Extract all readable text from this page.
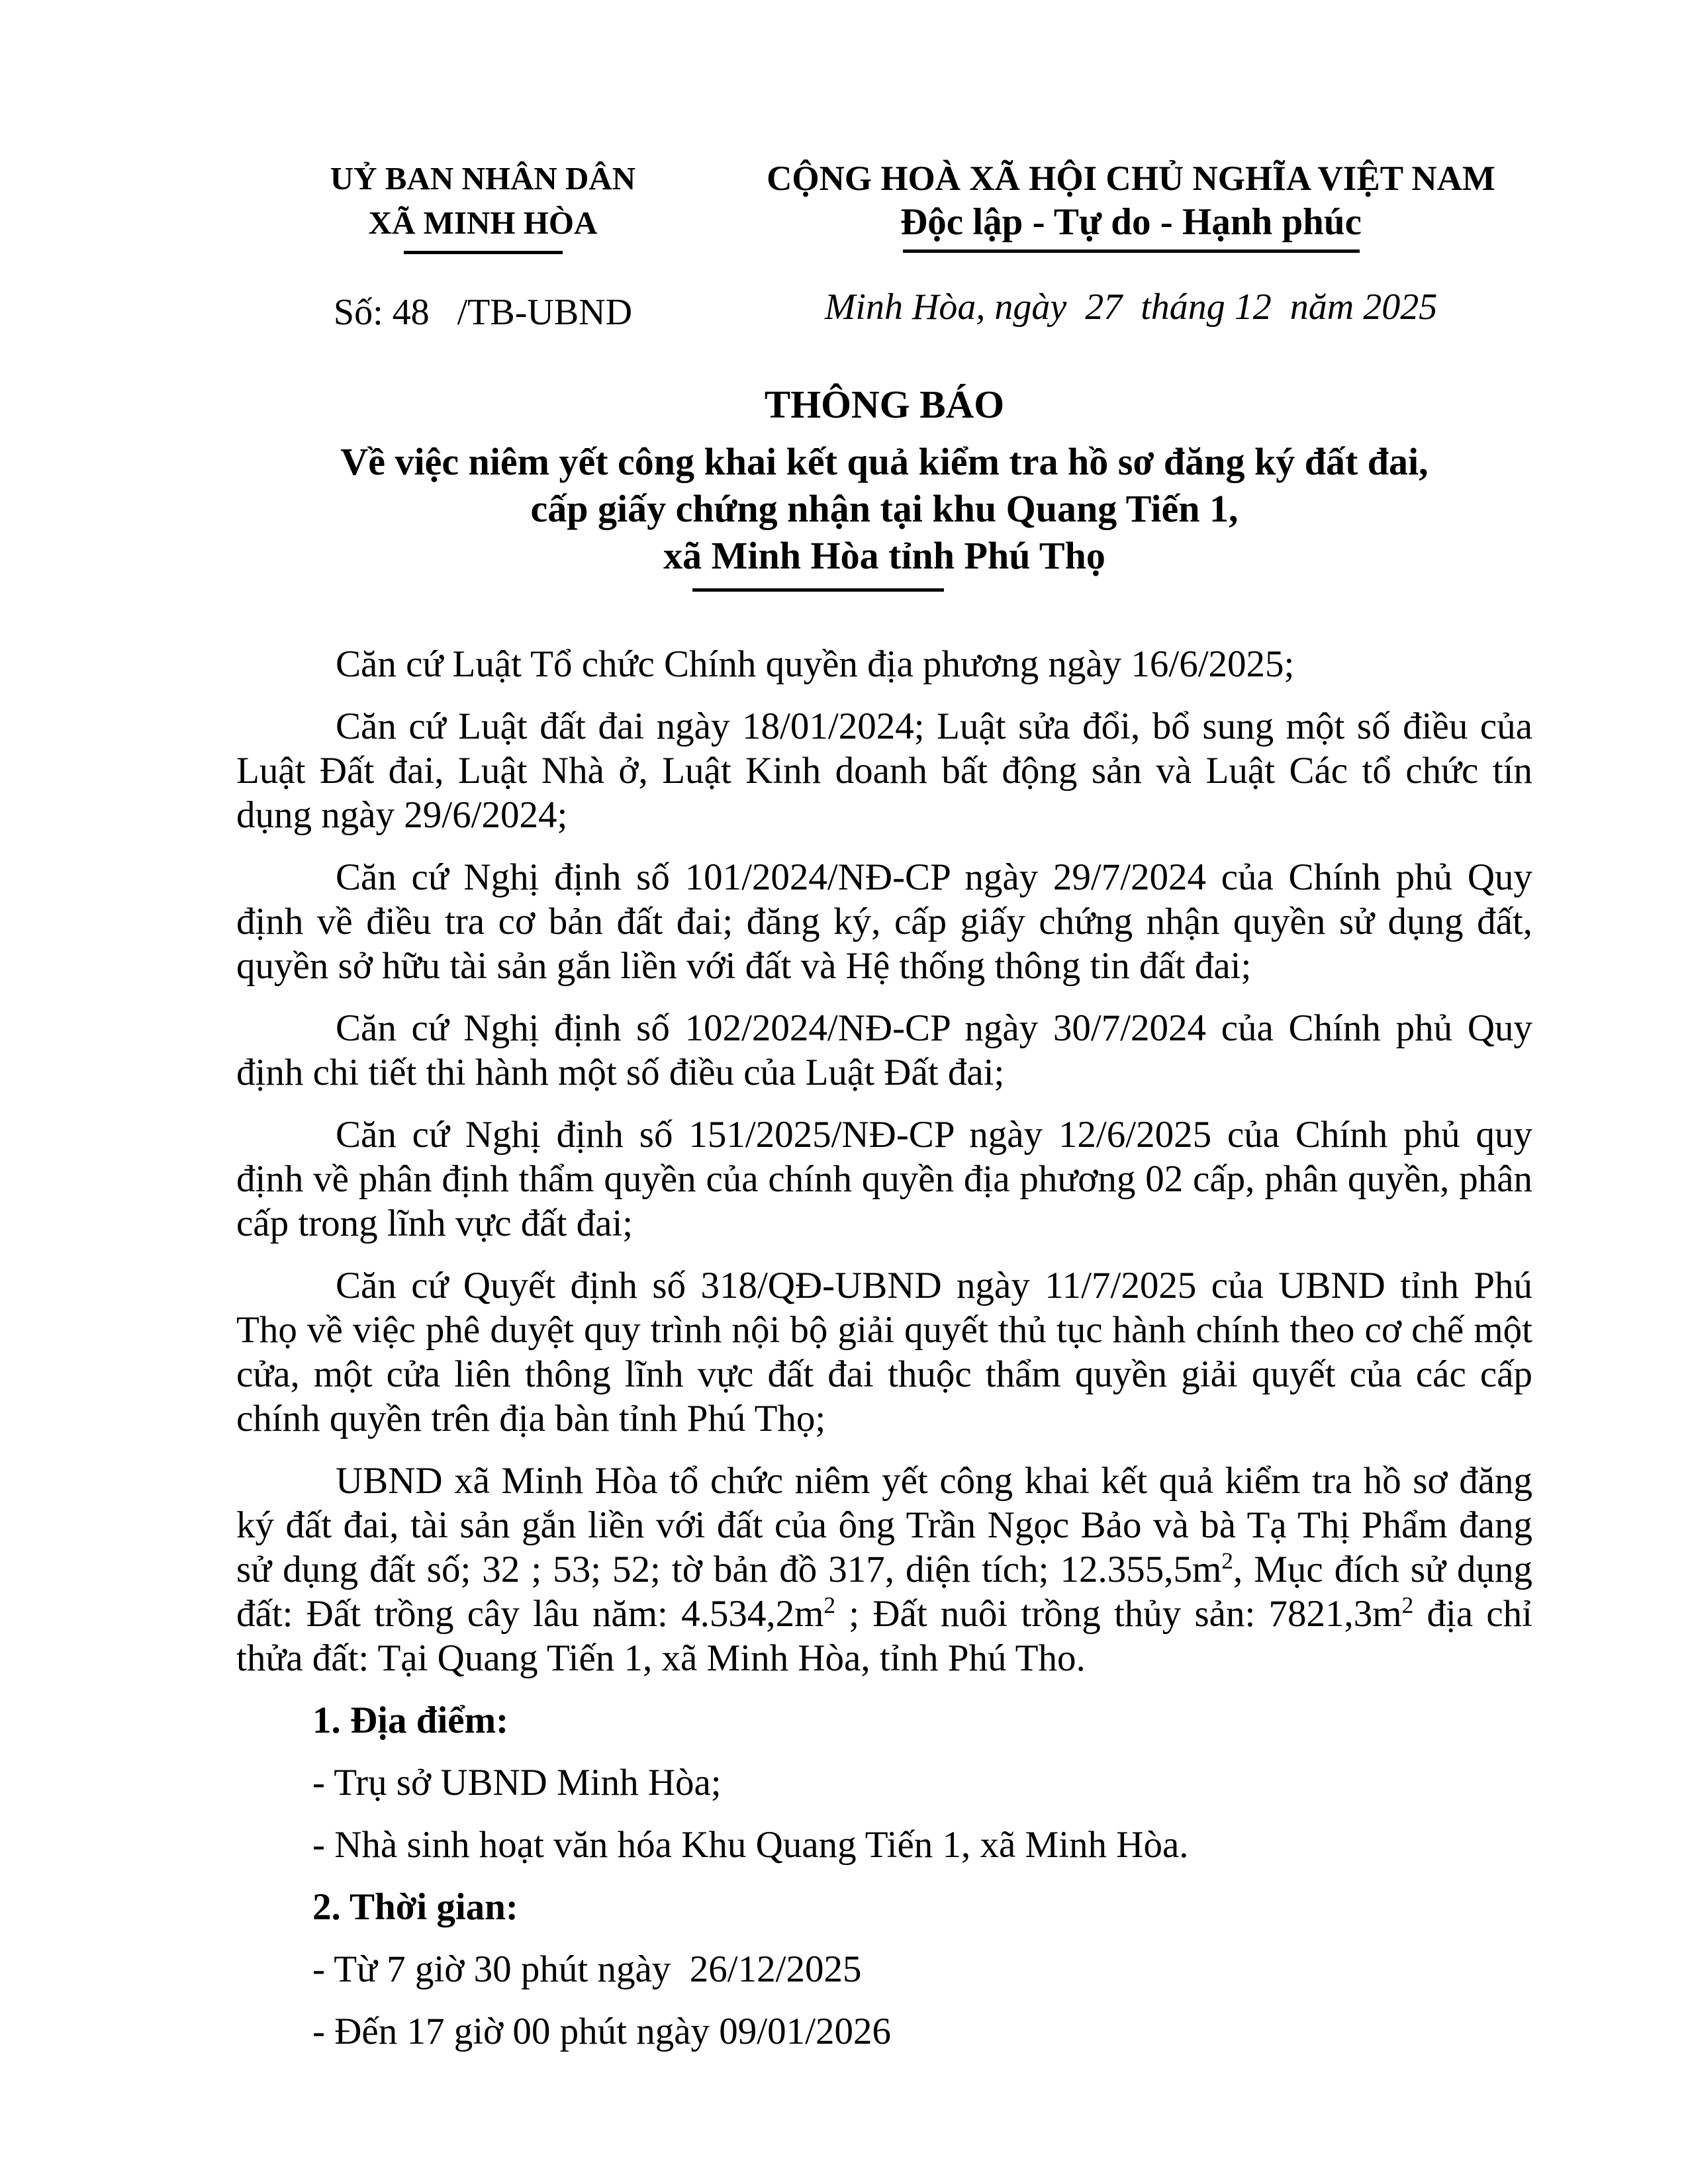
UỶ BAN NHÂN DÂN
XÃ MINH HÒA
Số: 48   /TB-UBND
CỘNG HOÀ XÃ HỘI CHỦ NGHĨA VIỆT NAM
Độc lập - Tự do - Hạnh phúc
Minh Hòa, ngày  27  tháng 12  năm 2025
THÔNG BÁO
Về việc niêm yết công khai kết quả kiểm tra hồ sơ đăng ký đất đai,
cấp giấy chứng nhận tại khu Quang Tiến 1,
xã Minh Hòa tỉnh Phú Thọ

Căn cứ Luật Tổ chức Chính quyền địa phương ngày 16/6/2025;

Căn cứ Luật đất đai ngày 18/01/2024; Luật sửa đổi, bổ sung một số điều của Luật Đất đai, Luật Nhà ở, Luật Kinh doanh bất động sản và Luật Các tổ chức tín dụng ngày 29/6/2024;

Căn cứ Nghị định số 101/2024/NĐ-CP ngày 29/7/2024 của Chính phủ Quy định về điều tra cơ bản đất đai; đăng ký, cấp giấy chứng nhận quyền sử dụng đất, quyền sở hữu tài sản gắn liền với đất và Hệ thống thông tin đất đai;

Căn cứ Nghị định số 102/2024/NĐ-CP ngày 30/7/2024 của Chính phủ Quy định chi tiết thi hành một số điều của Luật Đất đai;

Căn cứ Nghị định số 151/2025/NĐ-CP ngày 12/6/2025 của Chính phủ quy định về phân định thẩm quyền của chính quyền địa phương 02 cấp, phân quyền, phân cấp trong lĩnh vực đất đai;

Căn cứ Quyết định số 318/QĐ-UBND ngày 11/7/2025 của UBND tỉnh Phú Thọ về việc phê duyệt quy trình nội bộ giải quyết thủ tục hành chính theo cơ chế một cửa, một cửa liên thông lĩnh vực đất đai thuộc thẩm quyền giải quyết của các cấp chính quyền trên địa bàn tỉnh Phú Thọ;

UBND xã Minh Hòa tổ chức niêm yết công khai kết quả kiểm tra hồ sơ đăng ký đất đai, tài sản gắn liền với đất của ông Trần Ngọc Bảo và bà Tạ Thị Phẩm đang sử dụng đất số; 32 ; 53; 52; tờ bản đồ 317, diện tích; $12.355,5m^2$, Mục đích sử dụng đất: Đất trồng cây lâu năm: $4.534,2m^2$ ; Đất nuôi trồng thủy sản: $7821,3m^2$ địa chỉ thửa đất: Tại Quang Tiến 1, xã Minh Hòa, tỉnh Phú Tho.

1. Địa điểm:

- Trụ sở UBND Minh Hòa;

- Nhà sinh hoạt văn hóa Khu Quang Tiến 1, xã Minh Hòa.

2. Thời gian:

- Từ 7 giờ 30 phút ngày  26/12/2025

- Đến 17 giờ 00 phút ngày 09/01/2026
